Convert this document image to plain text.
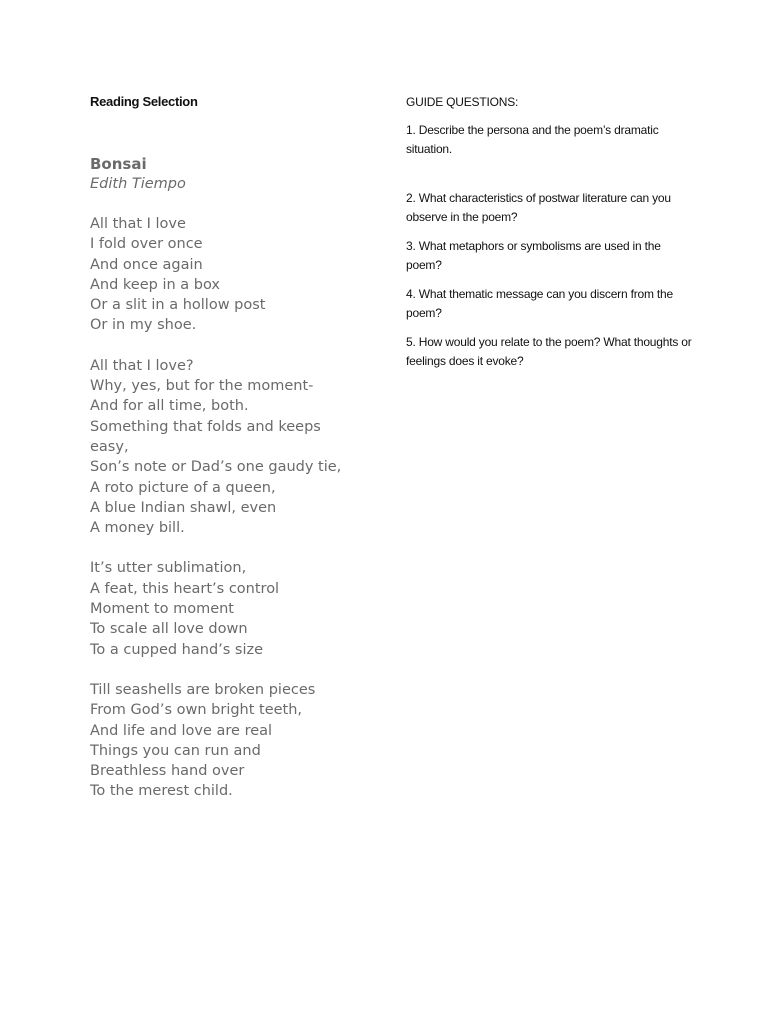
Reading Selection
Bonsai
Edith Tiempo
All that I love
I fold over once
And once again
And keep in a box
Or a slit in a hollow post
Or in my shoe.
All that I love?
Why, yes, but for the moment-
And for all time, both.
Something that folds and keeps
easy,
Son’s note or Dad’s one gaudy tie,
A roto picture of a queen,
A blue Indian shawl, even
A money bill.
It’s utter sublimation,
A feat, this heart’s control
Moment to moment
To scale all love down
To a cupped hand’s size
Till seashells are broken pieces
From God’s own bright teeth,
And life and love are real
Things you can run and
Breathless hand over
To the merest child.
GUIDE QUESTIONS:
1. Describe the persona and the poem’s dramatic situation.
2. What characteristics of postwar literature can you observe in the poem?
3. What metaphors or symbolisms are used in the poem?
4. What thematic message can you discern from the poem?
5. How would you relate to the poem? What thoughts or feelings does it evoke?
